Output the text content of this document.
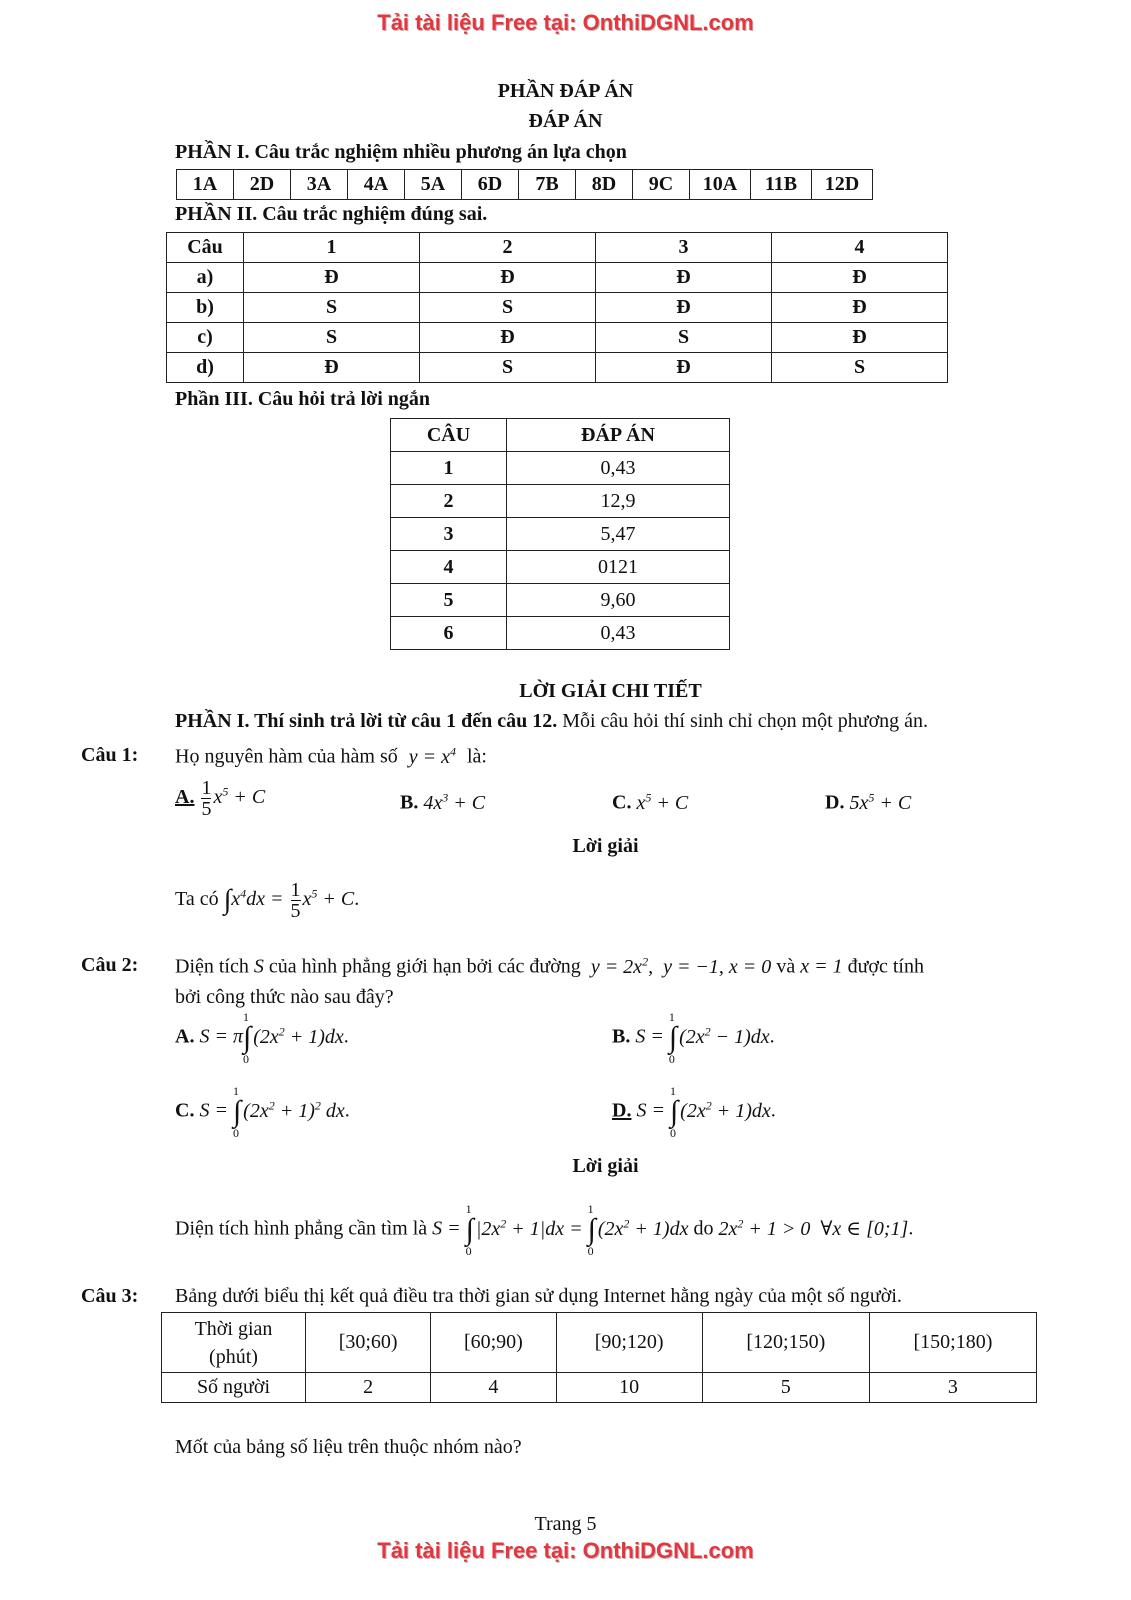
Tải tài liệu Free tại: OnthiDGNL.com
Tải tài liệu Free tại: OnthiDGNL.com
PHẦN ĐÁP ÁN
ĐÁP ÁN
PHẦN I. Câu trắc nghiệm nhiều phương án lựa chọn
1A	2D	3A	4A	5A	6D	7B	8D	9C	10A	11B	12D
PHẦN II. Câu trắc nghiệm đúng sai.
Câu	1	2	3	4
a)	Đ	Đ	Đ	Đ
b)	S	S	Đ	Đ
c)	S	Đ	S	Đ
d)	Đ	S	Đ	S
Phần III. Câu hỏi trả lời ngắn
CÂU	ĐÁP ÁN
1	0,43
2	12,9
3	5,47
4	0121
5	9,60
6	0,43
LỜI GIẢI CHI TIẾT
PHẦN I. Thí sinh trả lời từ câu 1 đến câu 12. Mỗi câu hỏi thí sinh chỉ chọn một phương án.
Câu 1: Họ nguyên hàm của hàm số $y = x^4$ là:
A. $\frac{1}{5} x^5 + C$	B. $4x^3 + C$	C. $x^5 + C$	D. $5x^5 + C$
Lời giải
Ta có $\int x^4dx = \frac{1}{5} x^5 + C$.
Câu 2: Diện tích S của hình phẳng giới hạn bởi các đường  $y = 2x^2$,  y = −1, x = 0 và x = 1 được tính
bởi công thức nào sau đây?
A. S = π
1
∫
0
$(2x^2 + 1)dx$.	B. S =
1
∫
0
$(2x^2 - 1)dx$.
C. S =
1
∫
0
$(2x^2 + 1)^2$ dx.	D. S =
1
∫
0
$(2x^2 + 1)dx$.
Lời giải
Diện tích hình phẳng cần tìm là S =
1
∫
0
$|2x^2 + 1|dx$ =
1
∫
0
$(2x^2 + 1)dx$ do $2x^2 + 1 > 0$  ∀x ∈ [0;1].
Câu 3: Bảng dưới biểu thị kết quả điều tra thời gian sử dụng Internet hằng ngày của một số người.
Thời gian
(phút)	[30;60)	[60;90)	[90;120)	[120;150)	[150;180)
Số người	2	4	10	5	3
Mốt của bảng số liệu trên thuộc nhóm nào?
Trang 5
